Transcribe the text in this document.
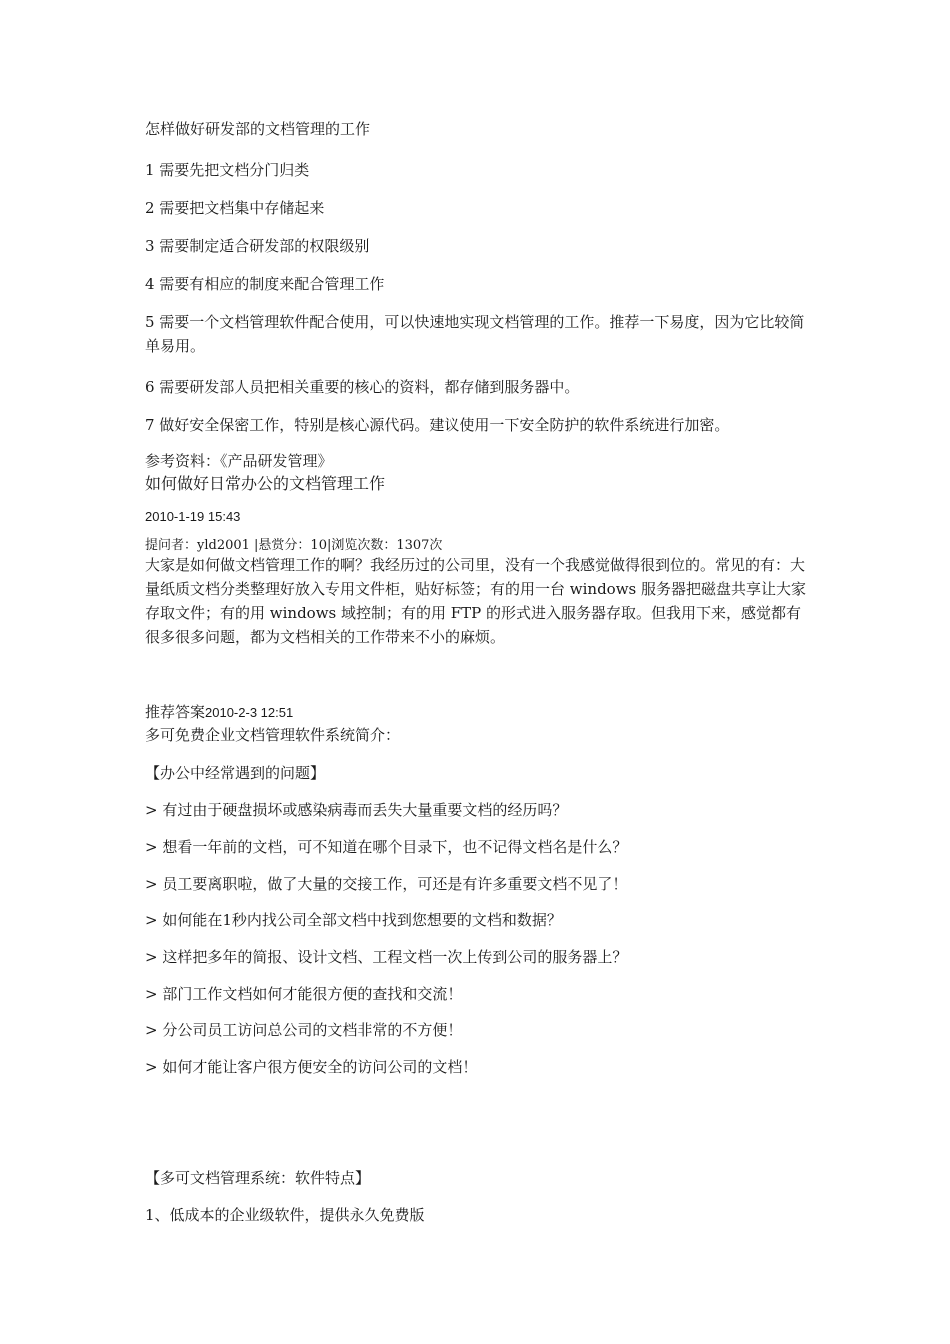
怎样做好研发部的文档管理的工作
1 需要先把文档分门归类
2 需要把文档集中存储起来
3 需要制定适合研发部的权限级别
4 需要有相应的制度来配合管理工作
5 需要一个文档管理软件配合使用，可以快速地实现文档管理的工作。推荐一下易度，因为它比较简单易用。
6 需要研发部人员把相关重要的核心的资料，都存储到服务器中。
7 做好安全保密工作，特别是核心源代码。建议使用一下安全防护的软件系统进行加密。
参考资料：《产品研发管理》
如何做好日常办公的文档管理工作
2010-1-19 15:43
提问者：yld2001 |悬赏分：10|浏览次数：1307次
大家是如何做文档管理工作的啊？我经历过的公司里，没有一个我感觉做得很到位的。常见的有：大量纸质文档分类整理好放入专用文件柜，贴好标签；有的用一台 windows 服务器把磁盘共享让大家存取文件；有的用 windows 域控制；有的用 FTP 的形式进入服务器存取。但我用下来，感觉都有很多很多问题，都为文档相关的工作带来不小的麻烦。
推荐答案2010-2-3 12:51
多可免费企业文档管理软件系统简介：
【办公中经常遇到的问题】
> 有过由于硬盘损坏或感染病毒而丢失大量重要文档的经历吗？
> 想看一年前的文档，可不知道在哪个目录下，也不记得文档名是什么？
> 员工要离职啦，做了大量的交接工作，可还是有许多重要文档不见了！
> 如何能在1秒内找公司全部文档中找到您想要的文档和数据？
> 这样把多年的简报、设计文档、工程文档一次上传到公司的服务器上？
> 部门工作文档如何才能很方便的查找和交流！
> 分公司员工访问总公司的文档非常的不方便！
> 如何才能让客户很方便安全的访问公司的文档！
【多可文档管理系统：软件特点】
1、低成本的企业级软件，提供永久免费版
